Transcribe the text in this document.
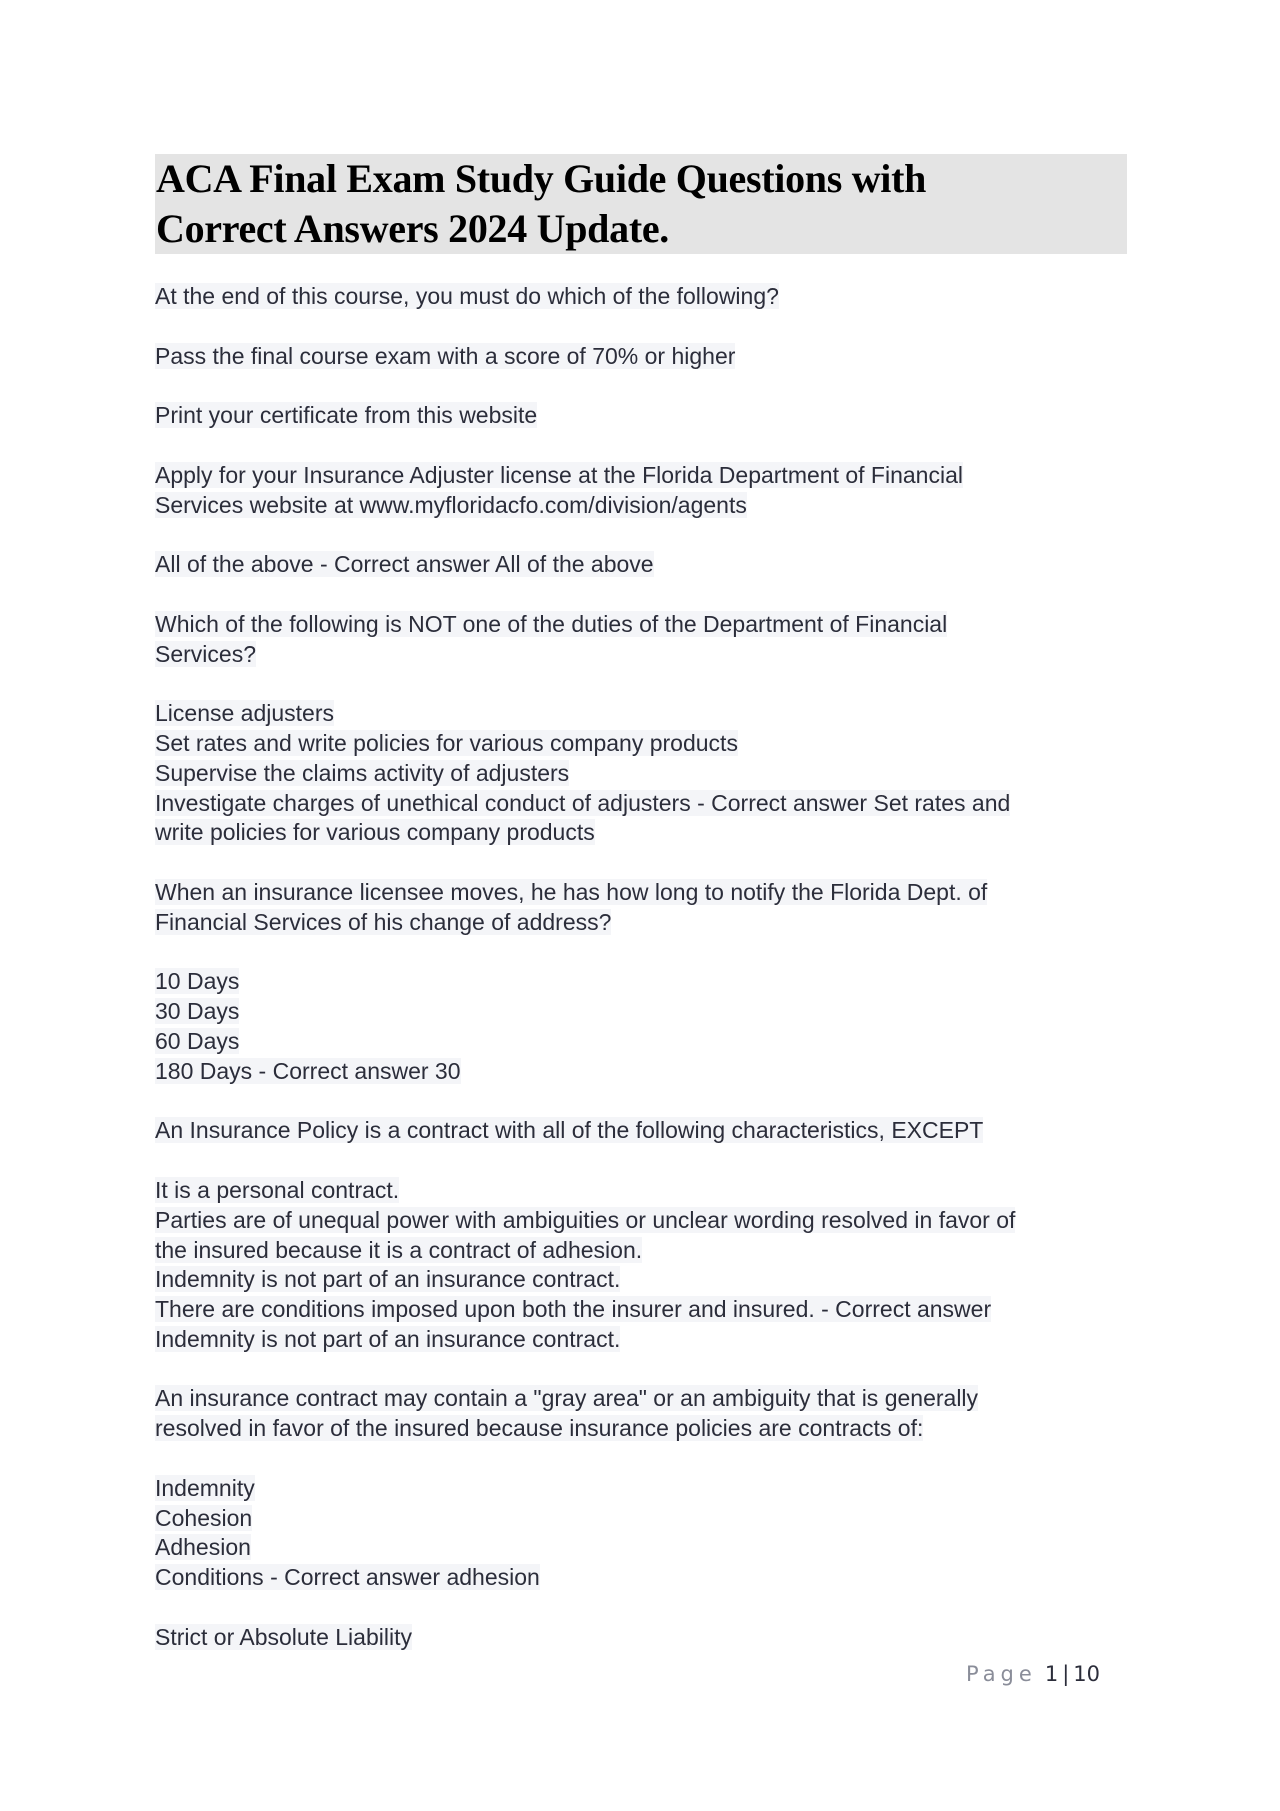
ACA Final Exam Study Guide Questions with
Correct Answers 2024 Update.
At the end of this course, you must do which of the following?
Pass the final course exam with a score of 70% or higher
Print your certificate from this website
Apply for your Insurance Adjuster license at the Florida Department of Financial
Services website at www.myfloridacfo.com/division/agents
All of the above - Correct answer All of the above
Which of the following is NOT one of the duties of the Department of Financial
Services?
License adjusters
Set rates and write policies for various company products
Supervise the claims activity of adjusters
Investigate charges of unethical conduct of adjusters - Correct answer Set rates and
write policies for various company products
When an insurance licensee moves, he has how long to notify the Florida Dept. of
Financial Services of his change of address?
10 Days
30 Days
60 Days
180 Days - Correct answer 30
An Insurance Policy is a contract with all of the following characteristics, EXCEPT
It is a personal contract.
Parties are of unequal power with ambiguities or unclear wording resolved in favor of
the insured because it is a contract of adhesion.
Indemnity is not part of an insurance contract.
There are conditions imposed upon both the insurer and insured. - Correct answer
Indemnity is not part of an insurance contract.
An insurance contract may contain a "gray area" or an ambiguity that is generally
resolved in favor of the insured because insurance policies are contracts of:
Indemnity
Cohesion
Adhesion
Conditions - Correct answer adhesion
Strict or Absolute Liability
Page 1 | 10
